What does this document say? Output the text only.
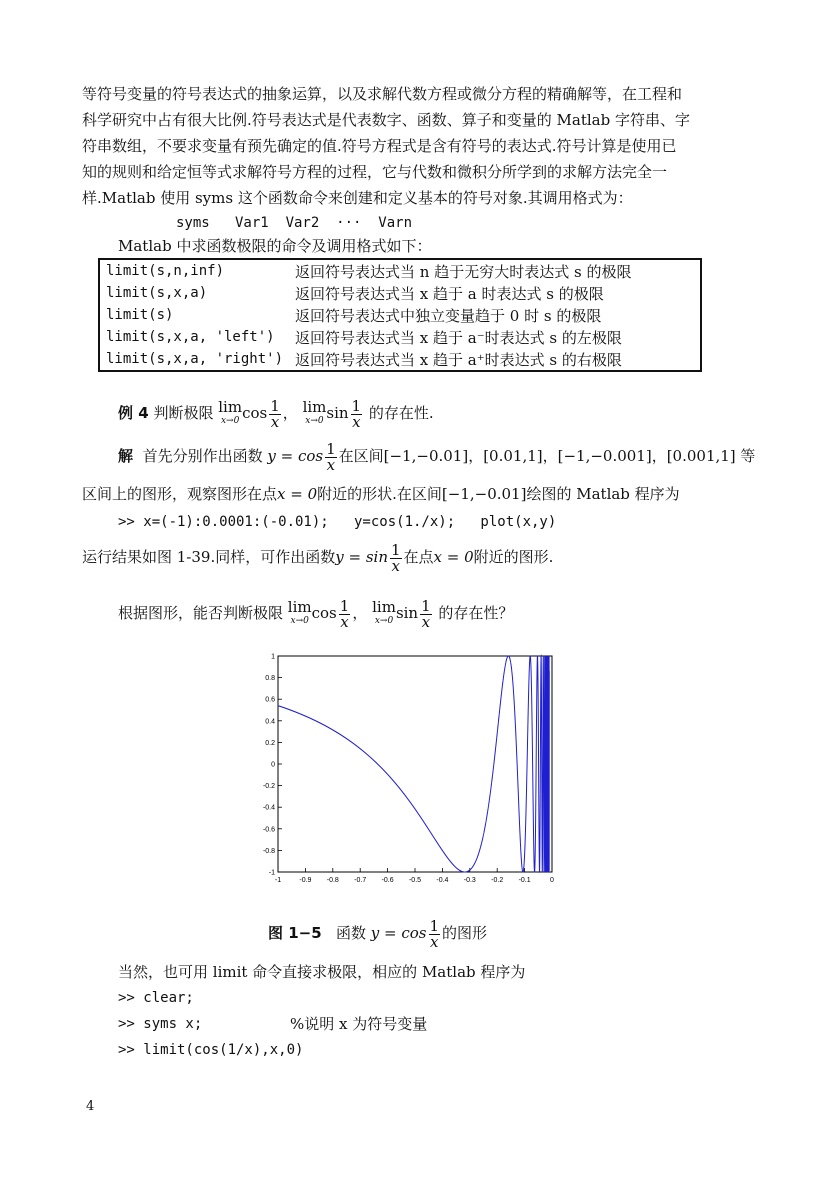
等符号变量的符号表达式的抽象运算，以及求解代数方程或微分方程的精确解等，在工程和
科学研究中占有很大比例.符号表达式是代表数字、函数、算子和变量的 Matlab 字符串、字
符串数组，不要求变量有预先确定的值.符号方程式是含有符号的表达式.符号计算是使用已
知的规则和给定恒等式求解符号方程的过程，它与代数和微积分所学到的求解方法完全一
样.Matlab 使用 syms 这个函数命令来创建和定义基本的符号对象.其调用格式为：
syms   Var1  Var2  ···  Varn
Matlab 中求函数极限的命令及调用格式如下：
limit(s,n,inf)	返回符号表达式当 n 趋于无穷大时表达式 s 的极限
limit(s,x,a)	返回符号表达式当 x 趋于 a 时表达式 s 的极限
limit(s)	返回符号表达式中独立变量趋于 0 时 s 的极限
limit(s,x,a, 'left')	返回符号表达式当 x 趋于 a⁻时表达式 s 的左极限
limit(s,x,a, 'right')	返回符号表达式当 x 趋于 a⁺时表达式 s 的右极限
例 4 判断极限 lim
x→0 $\cos \frac{1}{x}$ ， lim
x→0 $\sin \frac{1}{x}$ 的存在性.
解 首先分别作出函数 $y = \cos \frac{1}{x}$ 在区间[−1,−0.01]，[0.01,1]，[−1,−0.001]，[0.001,1] 等
区间上的图形，观察图形在点x = 0附近的形状.在区间[−1,−0.01]绘图的 Matlab 程序为
>> x=(-1):0.0001:(-0.01);   y=cos(1./x);   plot(x,y)
运行结果如图 1-39.同样，可作出函数$y = \sin \frac{1}{x}$ 在点x = 0附近的图形.
根据图形，能否判断极限 lim
x→0 $\cos \frac{1}{x}$ ， lim
x→0 $\sin \frac{1}{x}$ 的存在性？
1
0.8
0.6
0.4
0.2
0
-0.2
-0.4
-0.6
-0.8
-1
-1	-0.9 -0.8 -0.7 -0.6 -0.5 -0.4 -0.3 -0.2 -0.1	0
图 1−5 函数 $y = \cos \frac{1}{x}$ 的图形
当然，也可用 limit 命令直接求极限，相应的 Matlab 程序为
>> clear;
>> syms x;	%说明 x 为符号变量
>> limit(cos(1/x),x,0)
4
